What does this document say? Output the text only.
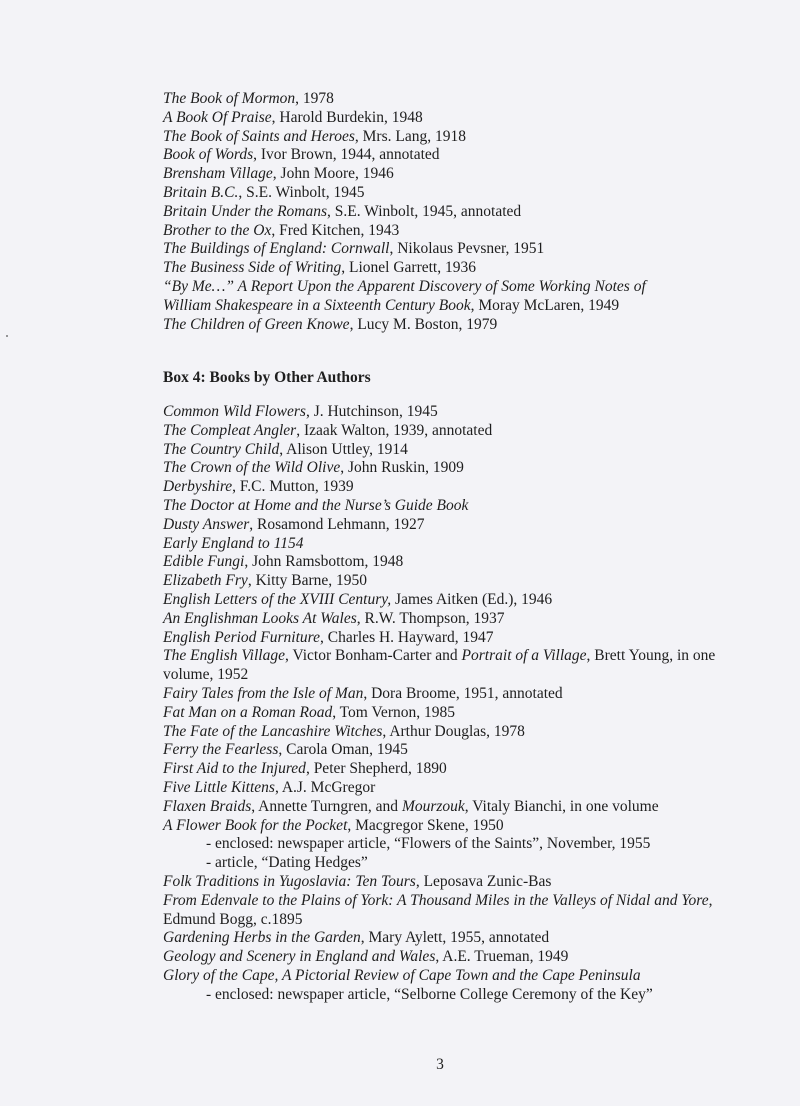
The Book of Mormon, 1978
A Book Of Praise, Harold Burdekin, 1948
The Book of Saints and Heroes, Mrs. Lang, 1918
Book of Words, Ivor Brown, 1944, annotated
Brensham Village, John Moore, 1946
Britain B.C., S.E. Winbolt, 1945
Britain Under the Romans, S.E. Winbolt, 1945, annotated
Brother to the Ox, Fred Kitchen, 1943
The Buildings of England: Cornwall, Nikolaus Pevsner, 1951
The Business Side of Writing, Lionel Garrett, 1936
“By Me…” A Report Upon the Apparent Discovery of Some Working Notes of William Shakespeare in a Sixteenth Century Book, Moray McLaren, 1949
The Children of Green Knowe, Lucy M. Boston, 1979
Box 4: Books by Other Authors
Common Wild Flowers, J. Hutchinson, 1945
The Compleat Angler, Izaak Walton, 1939, annotated
The Country Child, Alison Uttley, 1914
The Crown of the Wild Olive, John Ruskin, 1909
Derbyshire, F.C. Mutton, 1939
The Doctor at Home and the Nurse’s Guide Book
Dusty Answer, Rosamond Lehmann, 1927
Early England to 1154
Edible Fungi, John Ramsbottom, 1948
Elizabeth Fry, Kitty Barne, 1950
English Letters of the XVIII Century, James Aitken (Ed.), 1946
An Englishman Looks At Wales, R.W. Thompson, 1937
English Period Furniture, Charles H. Hayward, 1947
The English Village, Victor Bonham-Carter and Portrait of a Village, Brett Young, in one volume, 1952
Fairy Tales from the Isle of Man, Dora Broome, 1951, annotated
Fat Man on a Roman Road, Tom Vernon, 1985
The Fate of the Lancashire Witches, Arthur Douglas, 1978
Ferry the Fearless, Carola Oman, 1945
First Aid to the Injured, Peter Shepherd, 1890
Five Little Kittens, A.J. McGregor
Flaxen Braids, Annette Turngren, and Mourzouk, Vitaly Bianchi, in one volume
A Flower Book for the Pocket, Macgregor Skene, 1950
- enclosed: newspaper article, “Flowers of the Saints”, November, 1955
- article, “Dating Hedges”
Folk Traditions in Yugoslavia: Ten Tours, Leposava Zunic-Bas
From Edenvale to the Plains of York: A Thousand Miles in the Valleys of Nidal and Yore, Edmund Bogg, c.1895
Gardening Herbs in the Garden, Mary Aylett, 1955, annotated
Geology and Scenery in England and Wales, A.E. Trueman, 1949
Glory of the Cape, A Pictorial Review of Cape Town and the Cape Peninsula
- enclosed: newspaper article, “Selborne College Ceremony of the Key”
3
